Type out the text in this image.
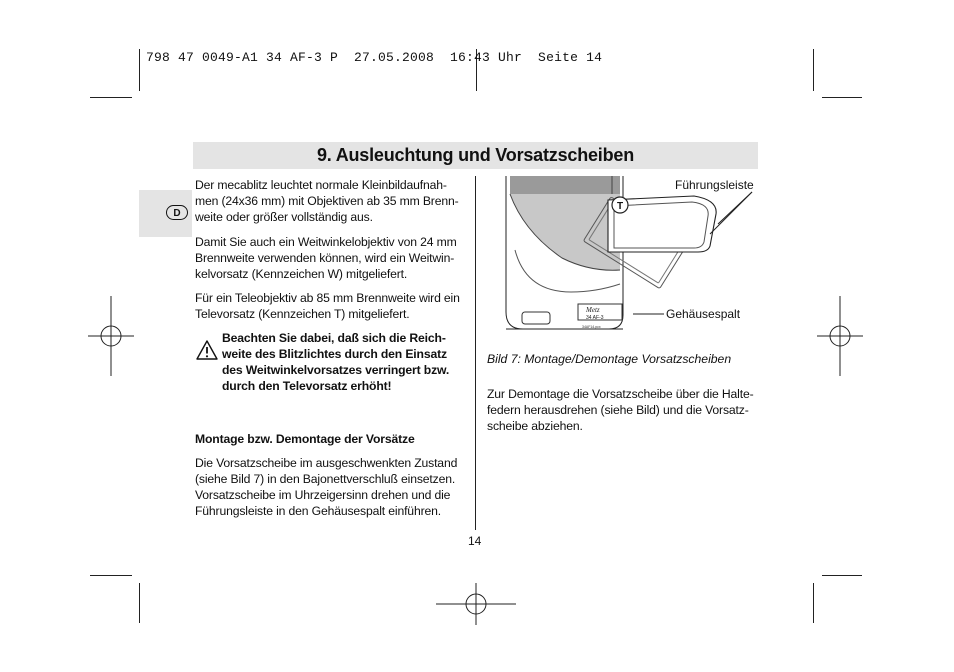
798 47 0049-A1 34 AF-3 P  27.05.2008  16:43 Uhr  Seite 14
9. Ausleuchtung und Vorsatzscheiben
D
Der mecablitz leuchtet normale Kleinbildaufnah-
men (24x36 mm) mit Objektiven ab 35 mm Brenn-
weite oder größer vollständig aus.
Damit Sie auch ein Weitwinkelobjektiv von 24 mm
Brennweite verwenden können, wird ein Weitwin-
kelvorsatz (Kennzeichen W) mitgeliefert.
Für ein Teleobjektiv ab 85 mm Brennweite wird ein
Televorsatz (Kennzeichen T) mitgeliefert.
Beachten Sie dabei, daß sich die Reich-
weite des Blitzlichtes durch den Einsatz
des Weitwinkelvorsatzes verringert bzw.
durch den Televorsatz erhöht!
Montage bzw. Demontage der Vorsätze
Die Vorsatzscheibe im ausgeschwenkten Zustand
(siehe Bild 7) in den Bajonettverschluß einsetzen.
Vorsatzscheibe im Uhrzeigersinn drehen und die
Führungsleiste in den Gehäusespalt einführen.
T
Metz
34 AF-3
34AF14.pcx
Führungsleiste
Gehäusespalt
Bild 7: Montage/Demontage Vorsatzscheiben
Zur Demontage die Vorsatzscheibe über die Halte-
federn herausdrehen (siehe Bild) und die Vorsatz-
scheibe abziehen.
14
